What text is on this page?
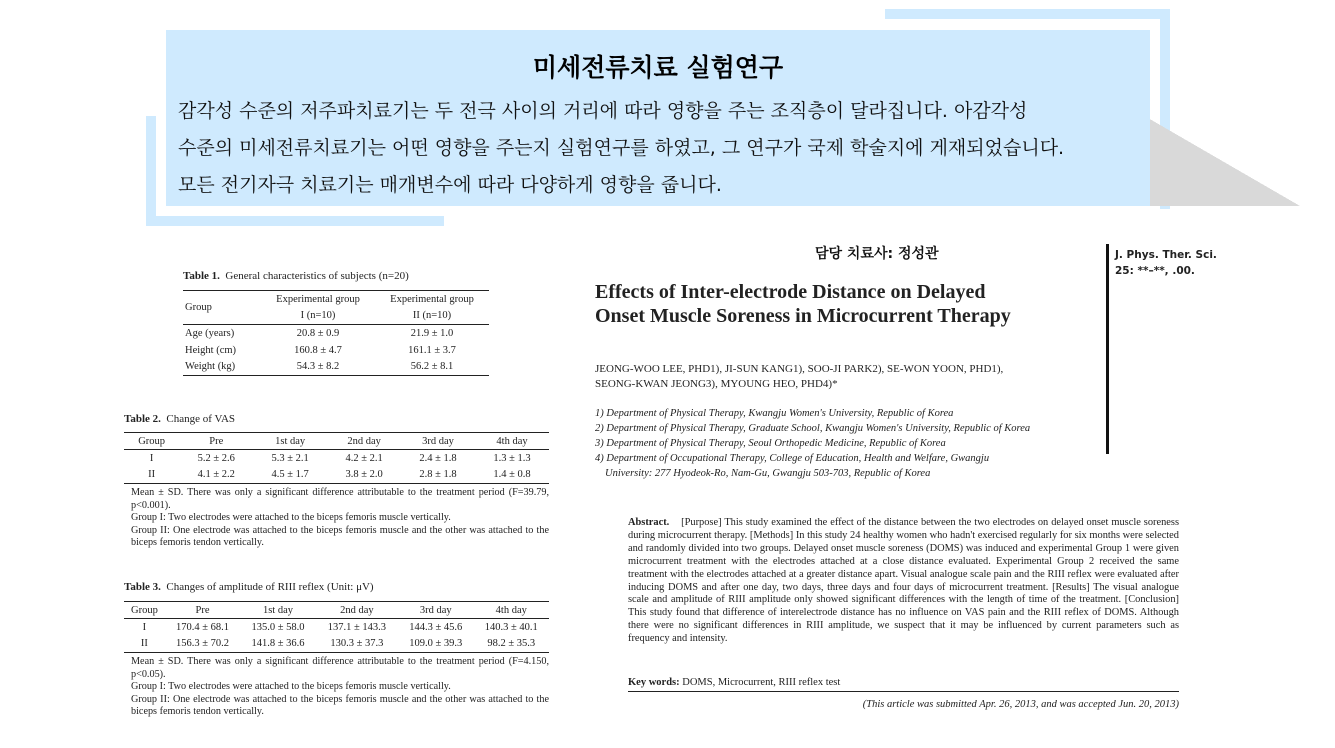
미세전류치료 실험연구
감각성 수준의 저주파치료기는 두 전극 사이의 거리에 따라 영향을 주는 조직층이 달라집니다. 아감각성
수준의 미세전류치료기는 어떤 영향을 주는지 실험연구를 하였고, 그 연구가 국제 학술지에 게재되었습니다.
모든 전기자극 치료기는 매개변수에 따라 다양하게 영향을 줍니다.
담당 치료사: 정성관	J. Phys. Ther. Sci.
25: **–**, .00.
Effects of Inter-electrode Distance on Delayed
Onset Muscle Soreness in Microcurrent Therapy
JEONG-WOO LEE, PHD1), JI-SUN KANG1), SOO-JI PARK2), SE-WON YOON, PHD1),
SEONG-KWAN JEONG3), MYOUNG HEO, PHD4)*
1) Department of Physical Therapy, Kwangju Women's University, Republic of Korea
2) Department of Physical Therapy, Graduate School, Kwangju Women's University, Republic of Korea
3) Department of Physical Therapy, Seoul Orthopedic Medicine, Republic of Korea
4) Department of Occupational Therapy, College of Education, Health and Welfare, Gwangju
University: 277 Hyodeok-Ro, Nam-Gu, Gwangju 503-703, Republic of Korea
Abstract. [Purpose] This study examined the effect of the distance between the two electrodes on delayed onset muscle soreness during microcurrent therapy. [Methods] In this study 24 healthy women who hadn't exercised regularly for six months were selected and randomly divided into two groups. Delayed onset muscle soreness (DOMS) was induced and experimental Group 1 were given microcurrent treatment with the electrodes attached at a close distance evaluated. Experimental Group 2 received the same treatment with the electrodes attached at a greater distance apart. Visual analogue scale pain and the RIII reflex were evaluated after inducing DOMS and after one day, two days, three days and four days of microcurrent treatment. [Results] The visual analogue scale and amplitude of RIII amplitude only showed significant differences with the length of time of the treatment. [Conclusion] This study found that difference of interelectrode distance has no influence on VAS pain and the RIII reflex of DOMS. Although there were no significant differences in RIII amplitude, we suspect that it may be influenced by current parameters such as frequency and intensity.
Key words: DOMS, Microcurrent, RIII reflex test
(This article was submitted Apr. 26, 2013, and was accepted Jun. 20, 2013)
Table 1. General characteristics of subjects (n=20)
Group	Experimental group	Experimental group
	I (n=10)	II (n=10)
Age (years)	20.8 ± 0.9	21.9 ± 1.0
Height (cm)	160.8 ± 4.7	161.1 ± 3.7
Weight (kg)	54.3 ± 8.2	56.2 ± 8.1
Table 2. Change of VAS
Group	Pre	1st day	2nd day	3rd day	4th day
I	5.2 ± 2.6	5.3 ± 2.1	4.2 ± 2.1	2.4 ± 1.8	1.3 ± 1.3
II	4.1 ± 2.2	4.5 ± 1.7	3.8 ± 2.0	2.8 ± 1.8	1.4 ± 0.8
Mean ± SD. There was only a significant difference attributable to the treatment period (F=39.79, p<0.001).
Group I: Two electrodes were attached to the biceps femoris muscle vertically.
Group II: One electrode was attached to the biceps femoris muscle and the other was attached to the biceps femoris tendon vertically.
Table 3. Changes of amplitude of RIII reflex (Unit: μV)
Group	Pre	1st day	2nd day	3rd day	4th day
I	170.4 ± 68.1	135.0 ± 58.0	137.1 ± 143.3	144.3 ± 45.6	140.3 ± 40.1
II	156.3 ± 70.2	141.8 ± 36.6	130.3 ± 37.3	109.0 ± 39.3	98.2 ± 35.3
Mean ± SD. There was only a significant difference attributable to the treatment period (F=4.150, p<0.05).
Group I: Two electrodes were attached to the biceps femoris muscle vertically.
Group II: One electrode was attached to the biceps femoris muscle and the other was attached to the biceps femoris tendon vertically.
